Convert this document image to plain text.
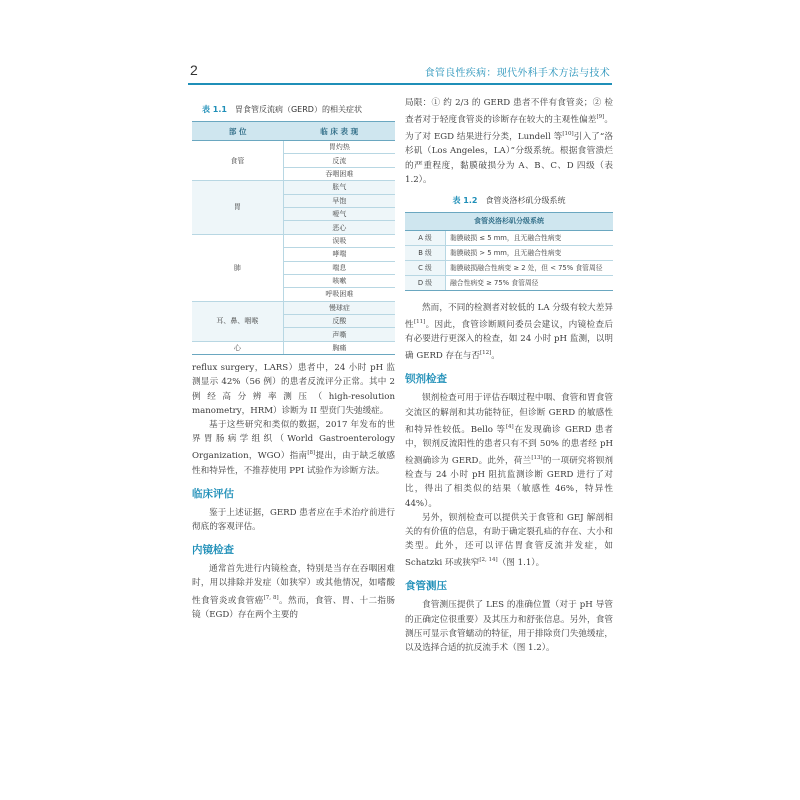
2	食管良性疾病：现代外科手术方法与技术
表 1.1 胃食管反流病（GERD）的相关症状
部 位	临 床 表 现
食管	胃灼热
	反流
	吞咽困难
胃	胀气
	早饱
	嗳气
	恶心
肺	误吸
	哮喘
	喘息
	咳嗽
	呼吸困难
耳、鼻、咽喉	慢球症
	反酸
	声嘶
心	胸痛

reflux surgery，LARS）患者中，24 小时 pH 监测显示 42%（56 例）的患者反流评分正常。其中 2 例经高分辨率测压（high-resolution manometry，HRM）诊断为 II 型贲门失弛缓症。

基于这些研究和类似的数据，2017 年发布的世界胃肠病学组织（World Gastroenterology Organization，WGO）指南[8]提出，由于缺乏敏感性和特异性，不推荐使用 PPI 试验作为诊断方法。

临床评估

鉴于上述证据，GERD 患者应在手术治疗前进行彻底的客观评估。

内镜检查

通常首先进行内镜检查，特别是当存在吞咽困难时，用以排除并发症（如狭窄）或其他情况，如嗜酸性食管炎或食管癌[7, 8]。然而，食管、胃、十二指肠镜（EGD）存在两个主要的

局限：① 约 2/3 的 GERD 患者不伴有食管炎；② 检查者对于轻度食管炎的诊断存在较大的主观性偏差[9]。为了对 EGD 结果进行分类，Lundell 等[10]引入了“洛杉矶（Los Angeles，LA）”分级系统。根据食管溃烂的严重程度，黏膜破损分为 A、B、C、D 四级（表 1.2）。

表 1.2 食管炎洛杉矶分级系统
食管炎洛杉矶分级系统	
A 级	黏膜破损 ≤ 5 mm，且无融合性病变
B 级	黏膜破损 > 5 mm，且无融合性病变
C 级	黏膜破损融合性病变 ≥ 2 处，但 < 75% 食管周径
D 级	融合性病变 ≥ 75% 食管周径

然而，不同的检测者对较低的 LA 分级有较大差异性[11]。因此，食管诊断顾问委员会建议，内镜检查后有必要进行更深入的检查，如 24 小时 pH 监测，以明确 GERD 存在与否[12]。

钡剂检查

钡剂检查可用于评估吞咽过程中咽、食管和胃食管交流区的解剖和其功能特征，但诊断 GERD 的敏感性和特异性较低。Bello 等[4]在发现确诊 GERD 患者中，钡剂反流阳性的患者只有不到 50% 的患者经 pH 检测确诊为 GERD。此外，荷兰[13]的一项研究将钡剂检查与 24 小时 pH 阻抗监测诊断 GERD 进行了对比，得出了相类似的结果（敏感性 46%，特异性 44%）。

另外，钡剂检查可以提供关于食管和 GEJ 解剖相关的有价值的信息，有助于确定裂孔疝的存在、大小和类型。此外，还可以评估胃食管反流并发症，如 Schatzki 环或狭窄[2, 14]（图 1.1）。

食管测压

食管测压提供了 LES 的准确位置（对于 pH 导管的正确定位很重要）及其压力和舒张信息。另外，食管测压可显示食管蠕动的特征，用于排除贲门失弛缓症，以及选择合适的抗反流手术（图 1.2）。
